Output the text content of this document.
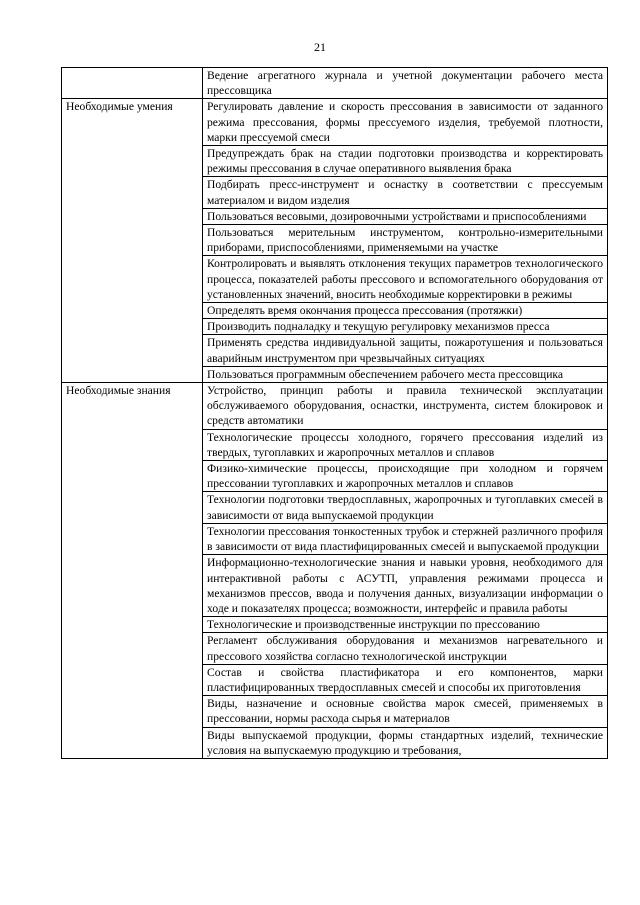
21
	Ведение агрегатного журнала и учетной документации рабочего места прессовщика
Необходимые умения	Регулировать давление и скорость прессования в зависимости от заданного режима прессования, формы прессуемого изделия, требуемой плотности, марки прессуемой смеси
	Предупреждать брак на стадии подготовки производства и корректировать режимы прессования в случае оперативного выявления брака
	Подбирать пресс-инструмент и оснастку в соответствии с прессуемым материалом и видом изделия
	Пользоваться весовыми, дозировочными устройствами и приспособлениями
	Пользоваться мерительным инструментом, контрольно-измерительными приборами, приспособлениями, применяемыми на участке
	Контролировать и выявлять отклонения текущих параметров технологического процесса, показателей работы прессового и вспомогательного оборудования от установленных значений, вносить необходимые корректировки в режимы
	Определять время окончания процесса прессования (протяжки)
	Производить подналадку и текущую регулировку механизмов пресса
	Применять средства индивидуальной защиты, пожаротушения и пользоваться аварийным инструментом при чрезвычайных ситуациях
	Пользоваться программным обеспечением рабочего места прессовщика
Необходимые знания	Устройство, принцип работы и правила технической эксплуатации обслуживаемого оборудования, оснастки, инструмента, систем блокировок и средств автоматики
	Технологические процессы холодного, горячего прессования изделий из твердых, тугоплавких и жаропрочных металлов и сплавов
	Физико-химические процессы, происходящие при холодном и горячем прессовании тугоплавких и жаропрочных металлов и сплавов
	Технологии подготовки твердосплавных, жаропрочных и тугоплавких смесей в зависимости от вида выпускаемой продукции
	Технологии прессования тонкостенных трубок и стержней различного профиля в зависимости от вида пластифицированных смесей и выпускаемой продукции
	Информационно-технологические знания и навыки уровня, необходимого для интерактивной работы с АСУТП, управления режимами процесса и механизмов прессов, ввода и получения данных, визуализации информации о ходе и показателях процесса; возможности, интерфейс и правила работы
	Технологические и производственные инструкции по прессованию
	Регламент обслуживания оборудования и механизмов нагревательного и прессового хозяйства согласно технологической инструкции
	Состав и свойства пластификатора и его компонентов, марки пластифицированных твердосплавных смесей и способы их приготовления
	Виды, назначение и основные свойства марок смесей, применяемых в прессовании, нормы расхода сырья и материалов
	Виды выпускаемой продукции, формы стандартных изделий, технические условия на выпускаемую продукцию и требования,
